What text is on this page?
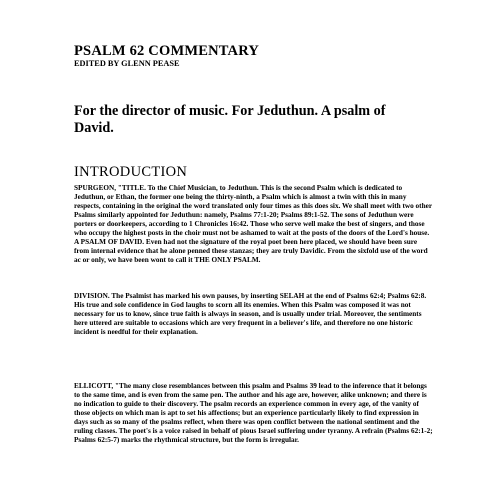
PSALM 62 COMMENTARY
EDITED BY GLENN PEASE
For the director of music. For Jeduthun. A psalm of David.
INTRODUCTION
SPURGEON, "TITLE. To the Chief Musician, to Jeduthun. This is the second Psalm which is dedicated to Jeduthun, or Ethan, the former one being the thirty-ninth, a Psalm which is almost a twin with this in many respects, containing in the original the word translated only four times as this does six. We shall meet with two other Psalms similarly appointed for Jeduthun: namely, Psalms 77:1-20; Psalms 89:1-52. The sons of Jeduthun were porters or doorkeepers, according to 1 Chronicles 16:42. Those who serve well make the best of singers, and those who occupy the highest posts in the choir must not be ashamed to wait at the posts of the doors of the Lord's house. A PSALM OF DAVID. Even had not the signature of the royal poet been here placed, we should have been sure from internal evidence that he alone penned these stanzas; they are truly Davidic. From the sixfold use of the word ac or only, we have been wont to call it THE ONLY PSALM.
DIVISION. The Psalmist has marked his own pauses, by inserting SELAH at the end of Psalms 62:4; Psalms 62:8. His true and sole confidence in God laughs to scorn all its enemies. When this Psalm was composed it was not necessary for us to know, since true faith is always in season, and is usually under trial. Moreover, the sentiments here uttered are suitable to occasions which are very frequent in a believer's life, and therefore no one historic incident is needful for their explanation.
ELLICOTT, "The many close resemblances between this psalm and Psalms 39 lead to the inference that it belongs to the same time, and is even from the same pen. The author and his age are, however, alike unknown; and there is no indication to guide to their discovery. The psalm records an experience common in every age, of the vanity of those objects on which man is apt to set his affections; but an experience particularly likely to find expression in days such as so many of the psalms reflect, when there was open conflict between the national sentiment and the ruling classes. The poet's is a voice raised in behalf of pious Israel suffering under tyranny. A refrain (Psalms 62:1-2; Psalms 62:5-7) marks the rhythmical structure, but the form is irregular.
